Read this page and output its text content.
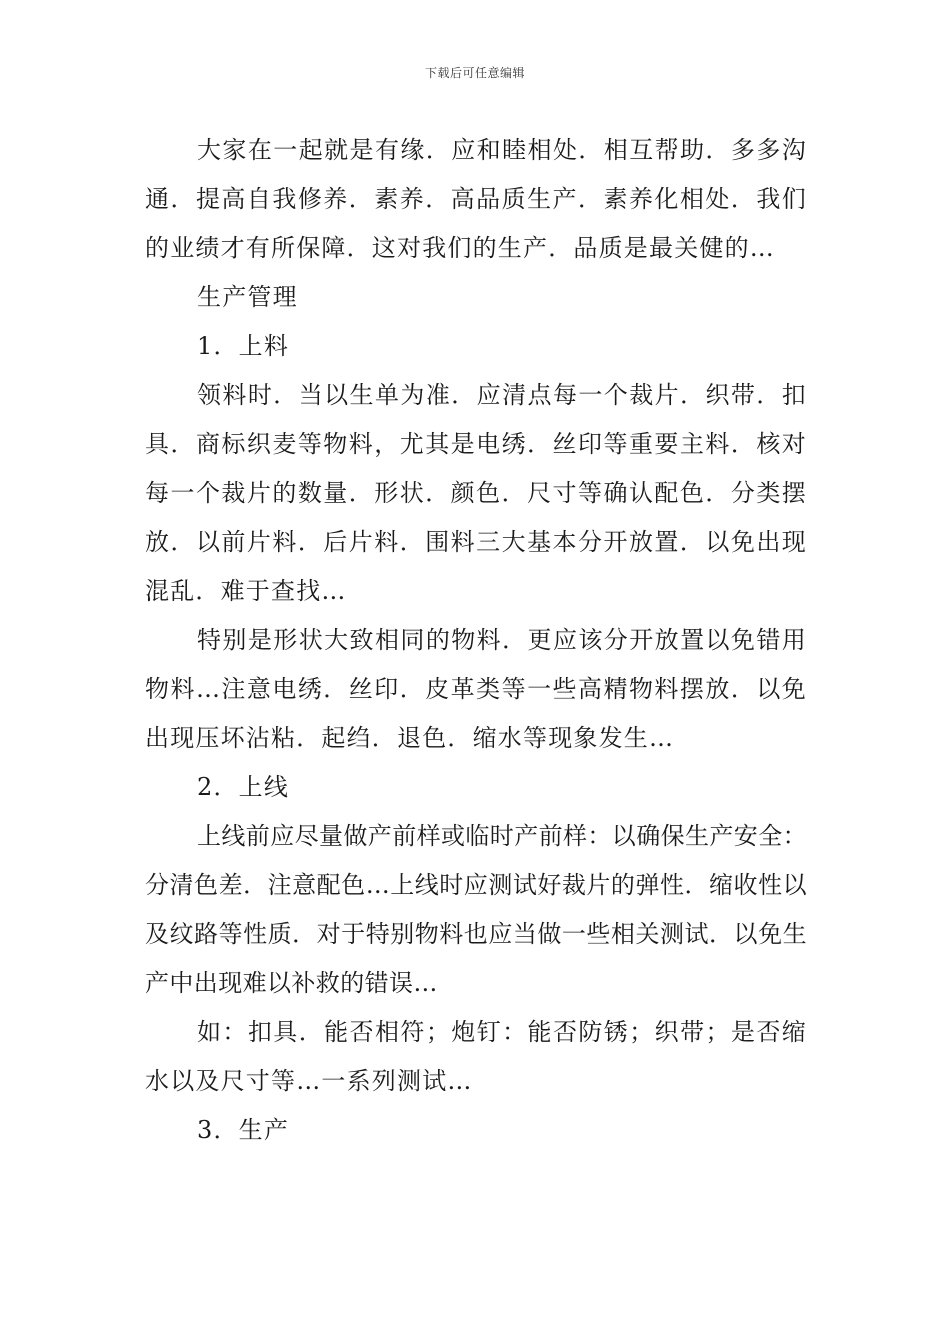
下载后可任意编辑

大家在一起就是有缘．应和睦相处．相互帮助．多多沟通．提高自我修养．素养．高品质生产．素养化相处．我们的业绩才有所保障．这对我们的生产．品质是最关健的…

生产管理

1．上料

领料时．当以生单为准．应清点每一个裁片．织带．扣具．商标织麦等物料，尤其是电绣．丝印等重要主料．核对每一个裁片的数量．形状．颜色．尺寸等确认配色．分类摆放．以前片料．后片料．围料三大基本分开放置．以免出现混乱．难于查找…

特别是形状大致相同的物料．更应该分开放置以免错用物料…注意电绣．丝印．皮革类等一些高精物料摆放．以免出现压坏沾粘．起绉．退色．缩水等现象发生…

2．上线

上线前应尽量做产前样或临时产前样：以确保生产安全：分清色差．注意配色…上线时应测试好裁片的弹性．缩收性以及纹路等性质．对于特别物料也应当做一些相关测试．以免生产中出现难以补救的错误…

如：扣具．能否相符；炮钉：能否防锈；织带；是否缩水以及尺寸等…一系列测试…

3．生产
